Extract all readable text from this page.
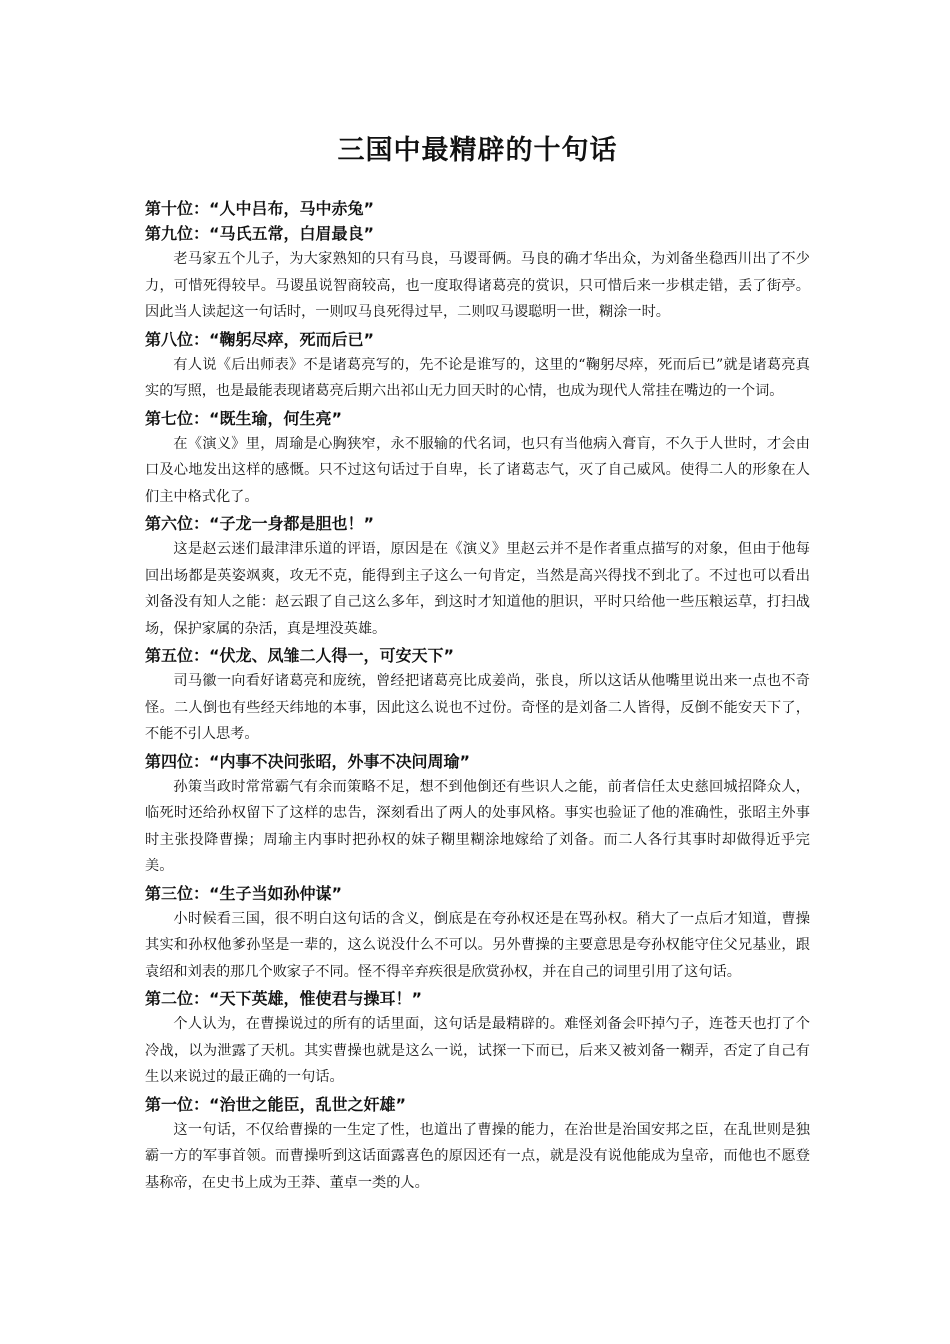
三国中最精辟的十句话
第十位：“人中吕布，马中赤兔”
第九位：“马氏五常，白眉最良”

老马家五个儿子，为大家熟知的只有马良，马谡哥俩。马良的确才华出众，为刘备坐稳西川出了不少力，可惜死得较早。马谡虽说智商较高，也一度取得诸葛亮的赏识，只可惜后来一步棋走错，丢了街亭。因此当人读起这一句话时，一则叹马良死得过早，二则叹马谡聪明一世，糊涂一时。

第八位：“鞠躬尽瘁，死而后已”

有人说《后出师表》不是诸葛亮写的，先不论是谁写的，这里的“鞠躬尽瘁，死而后已”就是诸葛亮真实的写照，也是最能表现诸葛亮后期六出祁山无力回天时的心情，也成为现代人常挂在嘴边的一个词。

第七位：“既生瑜，何生亮”

在《演义》里，周瑜是心胸狭窄，永不服输的代名词，也只有当他病入膏肓，不久于人世时，才会由口及心地发出这样的感慨。只不过这句话过于自卑，长了诸葛志气，灭了自己威风。使得二人的形象在人们主中格式化了。

第六位：“子龙一身都是胆也！”

这是赵云迷们最津津乐道的评语，原因是在《演义》里赵云并不是作者重点描写的对象，但由于他每回出场都是英姿飒爽，攻无不克，能得到主子这么一句肯定，当然是高兴得找不到北了。不过也可以看出刘备没有知人之能：赵云跟了自己这么多年，到这时才知道他的胆识，平时只给他一些压粮运草，打扫战场，保护家属的杂活，真是埋没英雄。

第五位：“伏龙、凤雏二人得一，可安天下”

司马徽一向看好诸葛亮和庞统，曾经把诸葛亮比成姜尚，张良，所以这话从他嘴里说出来一点也不奇怪。二人倒也有些经天纬地的本事，因此这么说也不过份。奇怪的是刘备二人皆得，反倒不能安天下了，不能不引人思考。

第四位：“内事不决问张昭，外事不决问周瑜”

孙策当政时常常霸气有余而策略不足，想不到他倒还有些识人之能，前者信任太史慈回城招降众人，临死时还给孙权留下了这样的忠告，深刻看出了两人的处事风格。事实也验证了他的准确性，张昭主外事时主张投降曹操；周瑜主内事时把孙权的妹子糊里糊涂地嫁给了刘备。而二人各行其事时却做得近乎完美。

第三位：“生子当如孙仲谋”

小时候看三国，很不明白这句话的含义，倒底是在夸孙权还是在骂孙权。稍大了一点后才知道，曹操其实和孙权他爹孙坚是一辈的，这么说没什么不可以。另外曹操的主要意思是夸孙权能守住父兄基业，跟袁绍和刘表的那几个败家子不同。怪不得辛弃疾很是欣赏孙权，并在自己的词里引用了这句话。

第二位：“天下英雄，惟使君与操耳！”

个人认为，在曹操说过的所有的话里面，这句话是最精辟的。难怪刘备会吓掉勺子，连苍天也打了个冷战，以为泄露了天机。其实曹操也就是这么一说，试探一下而已，后来又被刘备一糊弄，否定了自己有生以来说过的最正确的一句话。

第一位：“治世之能臣，乱世之奸雄”

这一句话，不仅给曹操的一生定了性，也道出了曹操的能力，在治世是治国安邦之臣，在乱世则是独霸一方的军事首领。而曹操听到这话面露喜色的原因还有一点，就是没有说他能成为皇帝，而他也不愿登基称帝，在史书上成为王莽、董卓一类的人。
